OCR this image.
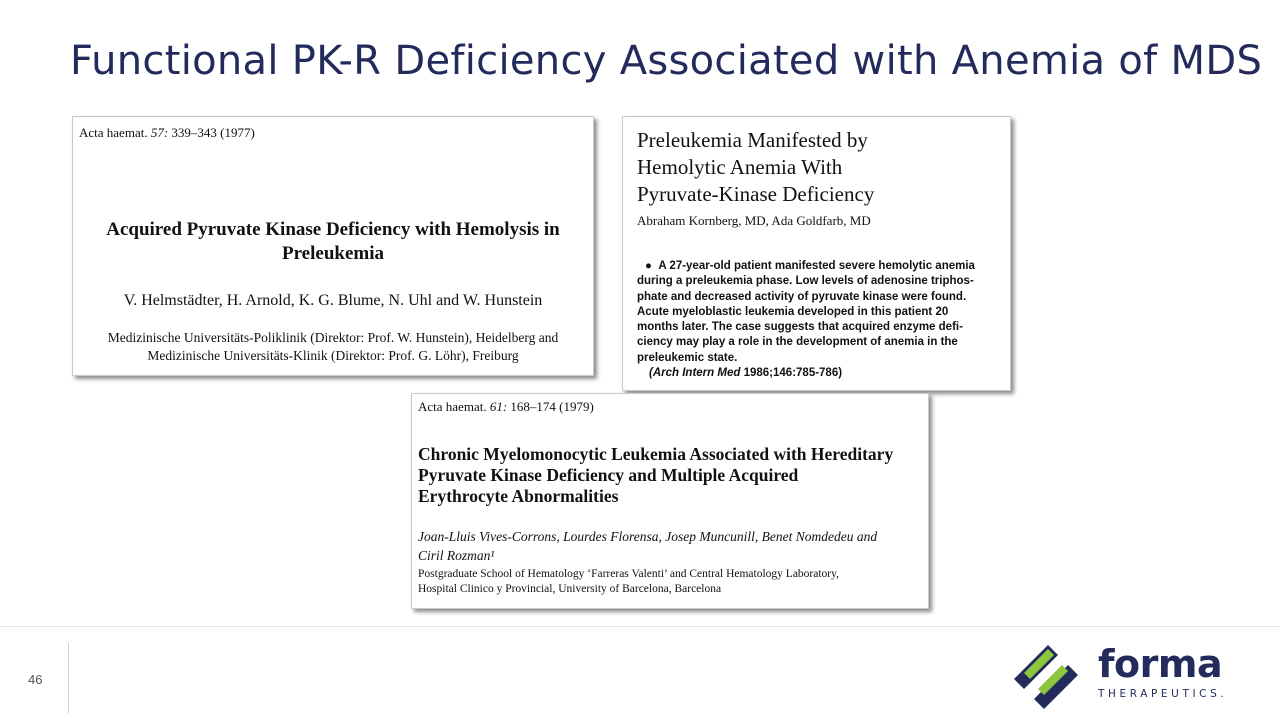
Functional PK-R Deficiency Associated with Anemia of MDS
Acta haemat. 57: 339–343 (1977)
Acquired Pyruvate Kinase Deficiency with Hemolysis in
Preleukemia
V. Helmstädter, H. Arnold, K. G. Blume, N. Uhl and W. Hunstein
Medizinische Universitäts-Poliklinik (Direktor: Prof. W. Hunstein), Heidelberg and
Medizinische Universitäts-Klinik (Direktor: Prof. G. Löhr), Freiburg
Preleukemia Manifested by
Hemolytic Anemia With
Pyruvate-Kinase Deficiency
Abraham Kornberg, MD, Ada Goldfarb, MD
●  A 27-year-old patient manifested severe hemolytic anemia
during a preleukemia phase. Low levels of adenosine triphos-
phate and decreased activity of pyruvate kinase were found.
Acute myeloblastic leukemia developed in this patient 20
months later. The case suggests that acquired enzyme defi-
ciency may play a role in the development of anemia in the
preleukemic state.
(Arch Intern Med 1986;146:785-786)
Acta haemat. 61: 168–174 (1979)
Chronic Myelomonocytic Leukemia Associated with Hereditary
Pyruvate Kinase Deficiency and Multiple Acquired
Erythrocyte Abnormalities
Joan-Lluis Vives-Corrons, Lourdes Florensa, Josep Muncunill, Benet Nomdedeu and
Ciril Rozman¹
Postgraduate School of Hematology ‘Farreras Valenti’ and Central Hematology Laboratory,
Hospital Clinico y Provincial, University of Barcelona, Barcelona
46	forma
THERAPEUTICS.
